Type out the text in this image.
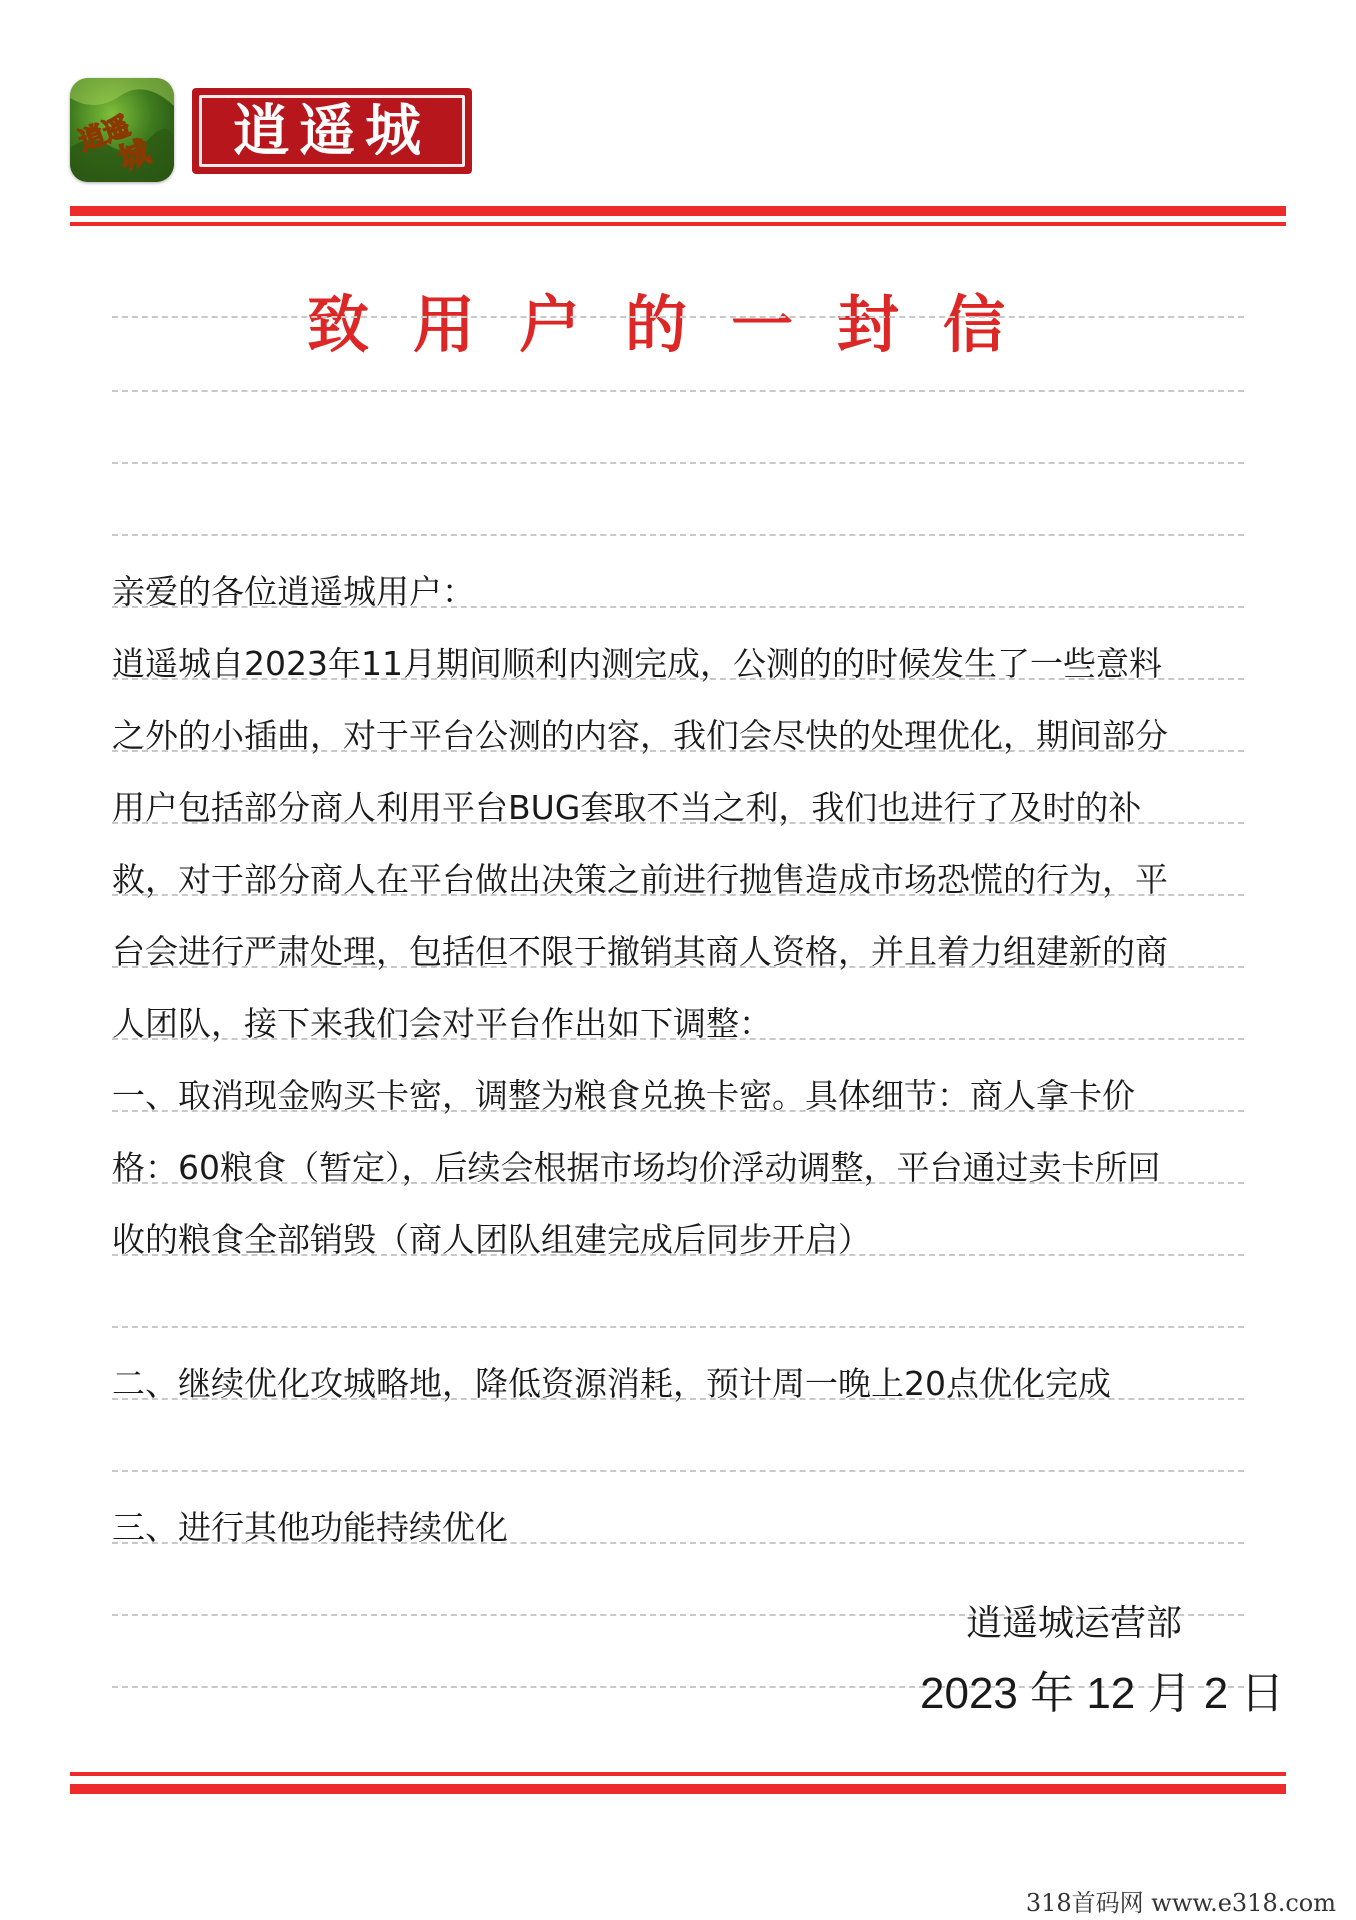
逍遥
城	逍遥城
致用户的一封信
亲爱的各位逍遥城用户：
逍遥城自2023年11月期间顺利内测完成，公测的的时候发生了一些意料
之外的小插曲，对于平台公测的内容，我们会尽快的处理优化，期间部分
用户包括部分商人利用平台BUG套取不当之利，我们也进行了及时的补
救，对于部分商人在平台做出决策之前进行抛售造成市场恐慌的行为，平
台会进行严肃处理，包括但不限于撤销其商人资格，并且着力组建新的商
人团队，接下来我们会对平台作出如下调整：
一、取消现金购买卡密，调整为粮食兑换卡密。具体细节：商人拿卡价
格：60粮食（暂定），后续会根据市场均价浮动调整，平台通过卖卡所回
收的粮食全部销毁（商人团队组建完成后同步开启）
二、继续优化攻城略地，降低资源消耗，预计周一晚上20点优化完成
三、进行其他功能持续优化
逍遥城运营部
2023 年 12 月 2 日
318首码网 www.e318.com
